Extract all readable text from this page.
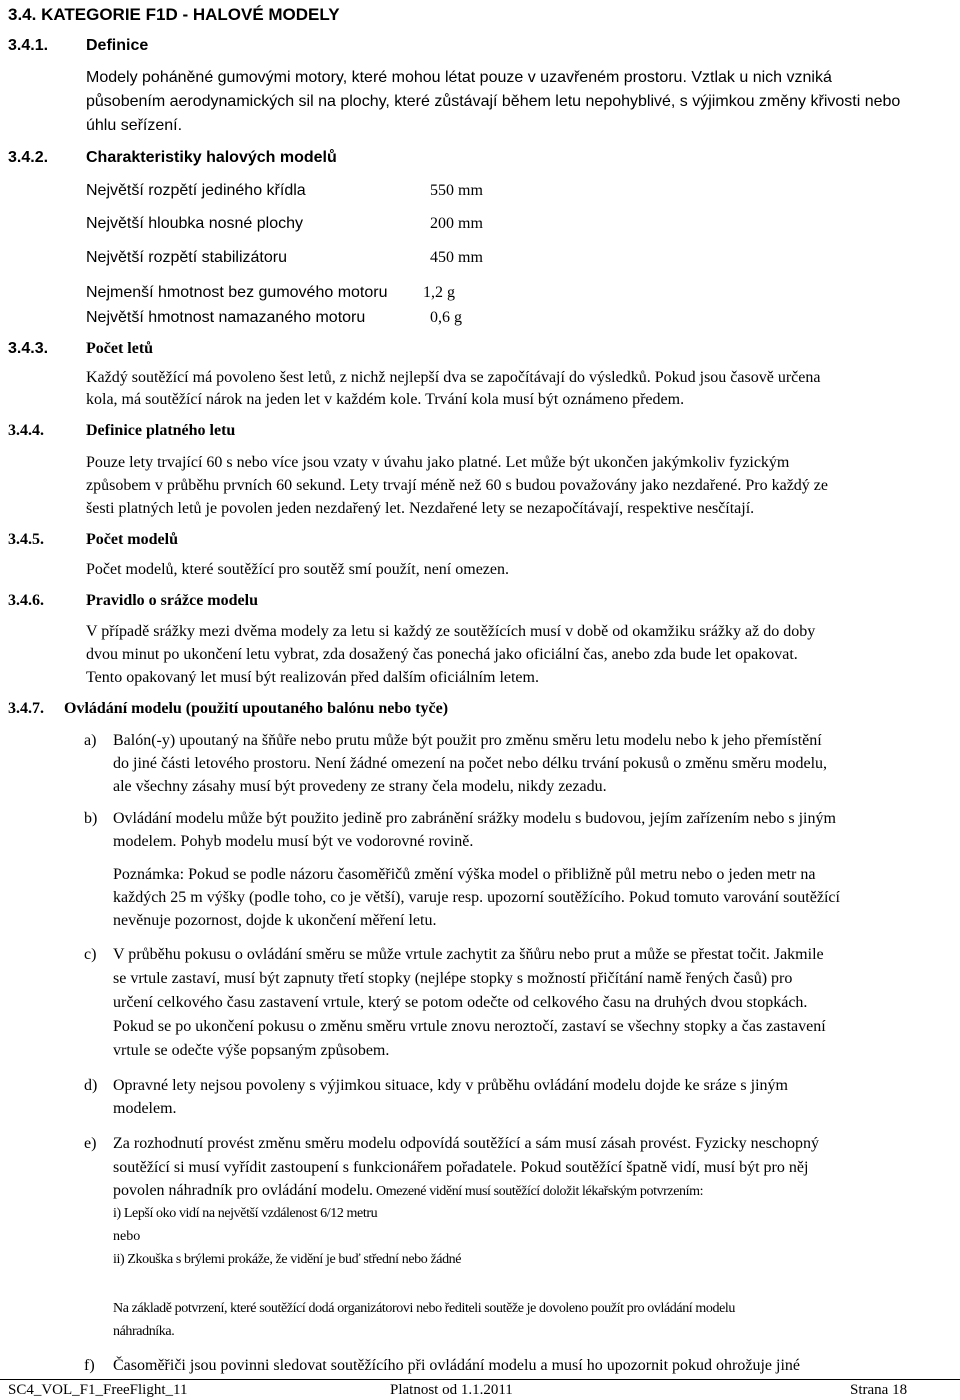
3.4. KATEGORIE F1D - HALOVÉ MODELY
3.4.1. Definice
Modely poháněné gumovými motory, které mohou létat pouze v uzavřeném prostoru. Vztlak u nich vzniká
působením aerodynamických sil na plochy, které zůstávají během letu nepohyblivé, s výjimkou změny křivosti nebo
úhlu seřízení.
3.4.2. Charakteristiky halových modelů
Největší rozpětí jediného křídla	550 mm
Největší hloubka nosné plochy	200 mm
Největší rozpětí stabilizátoru	450 mm
Nejmenší hmotnost bez gumového motoru 1,2 g
Největší hmotnost namazaného motoru	0,6 g
3.4.3. Počet letů
Každý soutěžící má povoleno šest letů, z nichž nejlepší dva se započítávají do výsledků. Pokud jsou časově určena
kola, má soutěžící nárok na jeden let v každém kole. Trvání kola musí být oznámeno předem.
3.4.4.	Definice platného letu
Pouze lety trvající 60 s nebo více jsou vzaty v úvahu jako platné. Let může být ukončen jakýmkoliv fyzickým
způsobem v průběhu prvních 60 sekund. Lety trvají méně než 60 s budou považovány jako nezdařené. Pro každý ze
šesti platných letů je povolen jeden nezdařený let. Nezdařené lety se nezapočítávají, respektive nesčítají.
3.4.5.	Počet modelů
Počet modelů, které soutěžící pro soutěž smí použít, není omezen.
3.4.6.	Pravidlo o srážce modelu
V případě srážky mezi dvěma modely za letu si každý ze soutěžících musí v době od okamžiku srážky až do doby
dvou minut po ukončení letu vybrat, zda dosažený čas ponechá jako oficiální čas, anebo zda bude let opakovat.
Tento opakovaný let musí být realizován před dalším oficiálním letem.
3.4.7. Ovládání modelu (použití upoutaného balónu nebo tyče)
a) Balón(-y) upoutaný na šňůře nebo prutu může být použit pro změnu směru letu modelu nebo k jeho přemístění
do jiné části letového prostoru. Není žádné omezení na počet nebo délku trvání pokusů o změnu směru modelu,
ale všechny zásahy musí být provedeny ze strany čela modelu, nikdy zezadu.
b) Ovládání modelu může být použito jedině pro zabránění srážky modelu s budovou, jejím zařízením nebo s jiným
modelem. Pohyb modelu musí být ve vodorovné rovině.
Poznámka: Pokud se podle názoru časoměřičů změní výška model o přibližně půl metru nebo o jeden metr na
každých 25 m výšky (podle toho, co je větší), varuje resp. upozorní soutěžícího. Pokud tomuto varování soutěžící
nevěnuje pozornost, dojde k ukončení měření letu.
c) V průběhu pokusu o ovládání směru se může vrtule zachytit za šňůru nebo prut a může se přestat točit. Jakmile
se vrtule zastaví, musí být zapnuty třetí stopky (nejlépe stopky s možností přičítání namě řených časů) pro
určení celkového času zastavení vrtule, který se potom odečte od celkového času na druhých dvou stopkách.
Pokud se po ukončení pokusu o změnu směru vrtule znovu neroztočí, zastaví se všechny stopky a čas zastavení
vrtule se odečte výše popsaným způsobem.
d) Opravné lety nejsou povoleny s výjimkou situace, kdy v průběhu ovládání modelu dojde ke sráze s jiným
modelem.
e) Za rozhodnutí provést změnu směru modelu odpovídá soutěžící a sám musí zásah provést. Fyzicky neschopný
soutěžící si musí vyřídit zastoupení s funkcionářem pořadatele. Pokud soutěžící špatně vidí, musí být pro něj
povolen náhradník pro ovládání modelu. Omezené vidění musí soutěžící doložit lékařským potvrzením:
i) Lepší oko vidí na největší vzdálenost 6/12 metru
nebo
ii) Zkouška s brýlemi prokáže, že vidění je buď střední nebo žádné
Na základě potvrzení, které soutěžící dodá organizátorovi nebo řediteli soutěže je dovoleno použít pro ovládání modelu
náhradníka.
f) Časoměřiči jsou povinni sledovat soutěžícího při ovládání modelu a musí ho upozornit pokud ohrožuje jiné
SC4_VOL_F1_FreeFlight_11	Platnost od 1.1.2011	Strana 18
